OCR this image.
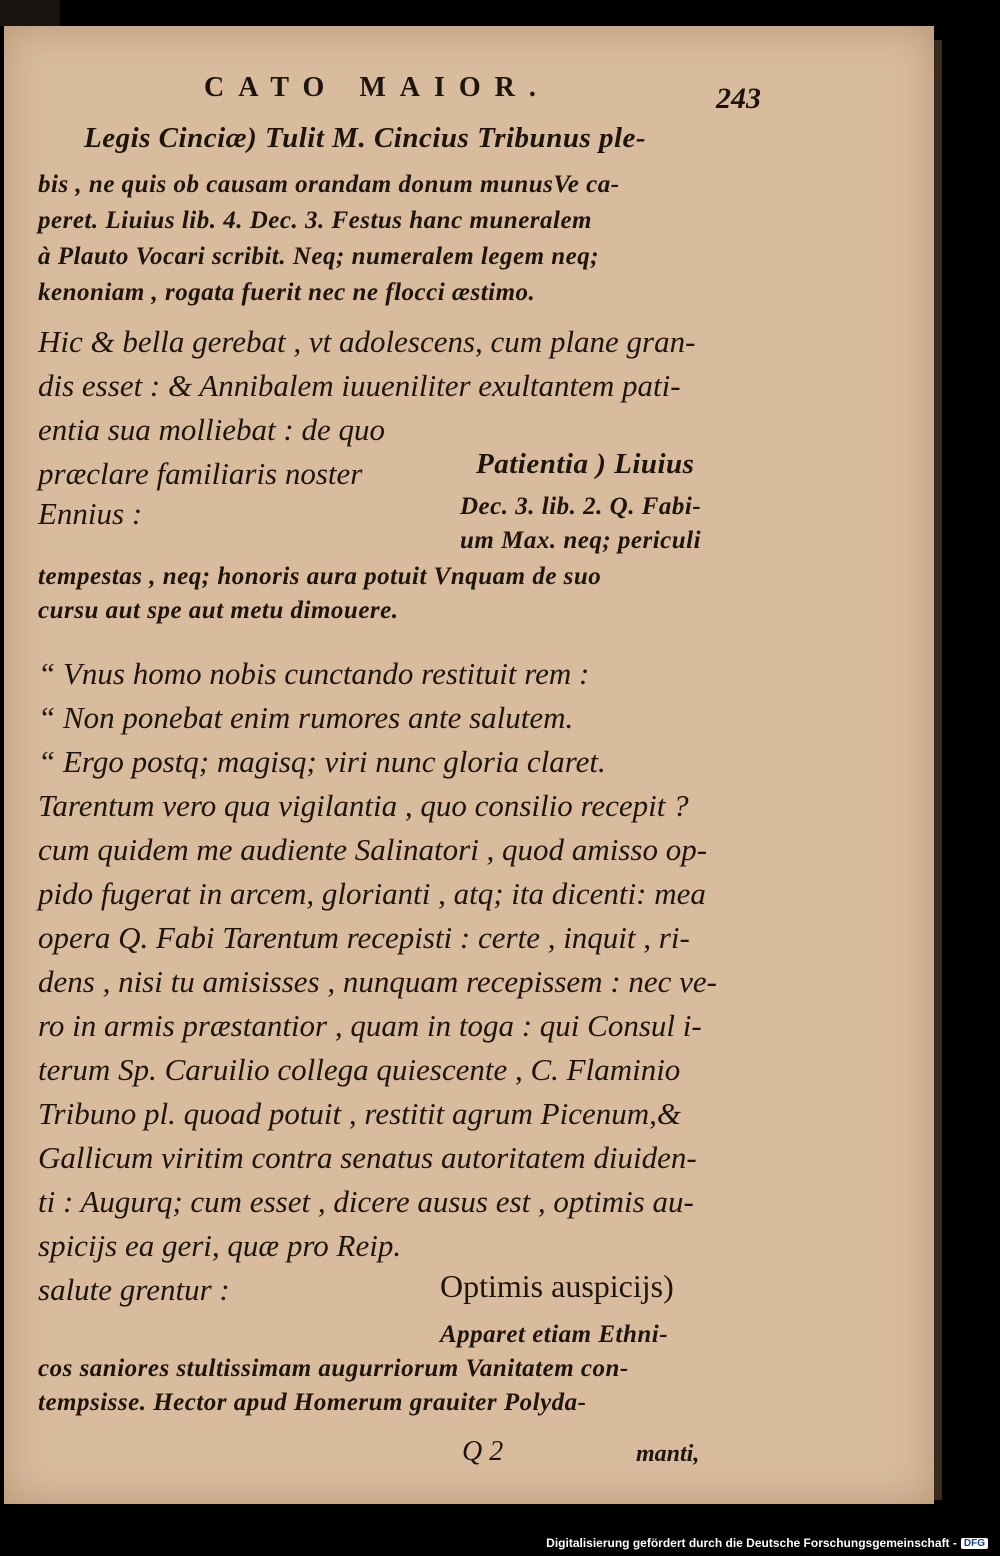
CATO MAIOR.	243
Legis Cinciæ) Tulit M. Cincius Tribunus ple-
bis , ne quis ob causam orandam donum munusVe ca-
peret. Liuius lib. 4. Dec. 3. Festus hanc muneralem
à Plauto Vocari scribit. Neq; numeralem legem neq;
kenoniam , rogata fuerit nec ne flocci æstimo.
Hic & bella gerebat , vt adolescens, cum plane gran-
dis esset : & Annibalem iuueniliter exultantem pati-
entia sua molliebat : de quo
præclare familiaris noster
Ennius :
Patientia ) Liuius
Dec. 3. lib. 2. Q. Fabi-
um Max. neq; periculi
tempestas , neq; honoris aura potuit Vnquam de suo
cursu aut spe aut metu dimouere.
“ Vnus homo nobis cunctando restituit rem :
“ Non ponebat enim rumores ante salutem.
“ Ergo postq; magisq; viri nunc gloria claret.
Tarentum vero qua vigilantia , quo consilio recepit ?
cum quidem me audiente Salinatori , quod amisso op-
pido fugerat in arcem, glorianti , atq; ita dicenti: mea
opera Q. Fabi Tarentum recepisti : certe , inquit , ri-
dens , nisi tu amisisses , nunquam recepissem : nec ve-
ro in armis præstantior , quam in toga : qui Consul i-
terum Sp. Caruilio collega quiescente , C. Flaminio
Tribuno pl. quoad potuit , restitit agrum Picenum,&
Gallicum viritim contra senatus autoritatem diuiden-
ti : Augurq; cum esset , dicere ausus est , optimis au-
spicijs ea geri, quæ pro Reip.
salute grentur :	Optimis auspicijs)
Apparet etiam Ethni-
cos saniores stultissimam augurriorum Vanitatem con-
tempsisse. Hector apud Homerum grauiter Polyda-
Q 2	manti,
Digitalisierung gefördert durch die Deutsche Forschungsgemeinschaft - DFG
